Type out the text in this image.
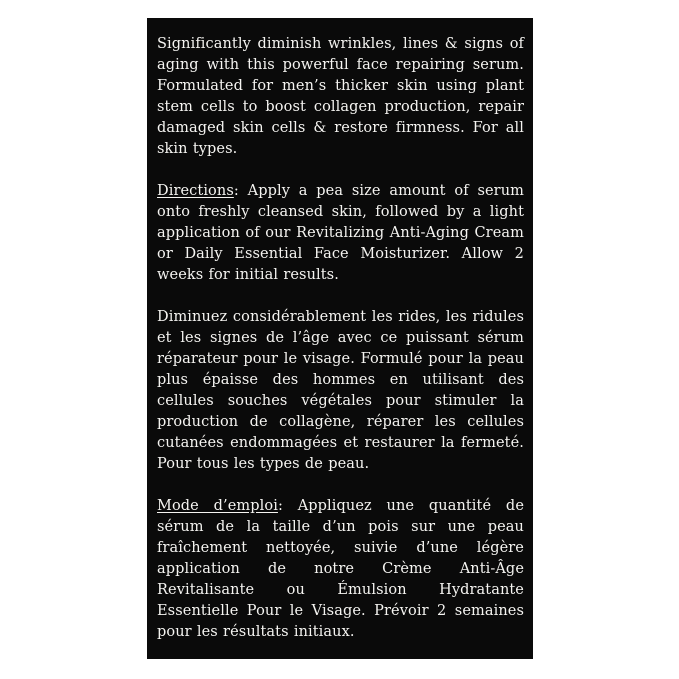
Significantly diminish wrinkles, lines & signs of aging with this powerful face repairing serum. Formulated for men’s thicker skin using plant stem cells to boost collagen production, repair damaged skin cells & restore firmness. For all skin types.

Directions: Apply a pea size amount of serum onto freshly cleansed skin, followed by a light application of our Revitalizing Anti-Aging Cream or Daily Essential Face Moisturizer. Allow 2 weeks for initial results.

Diminuez considérablement les rides, les ridules et les signes de l’âge avec ce puissant sérum réparateur pour le visage. Formulé pour la peau plus épaisse des hommes en utilisant des cellules souches végétales pour stimuler la production de collagène, réparer les cellules cutanées endommagées et restaurer la fermeté. Pour tous les types de peau.

Mode d’emploi: Appliquez une quantité de sérum de la taille d’un pois sur une peau fraîchement nettoyée, suivie d’une légère application de notre Crème Anti-Âge Revitalisante ou Émulsion Hydratante Essentielle Pour le Visage. Prévoir 2 semaines pour les résultats initiaux.
